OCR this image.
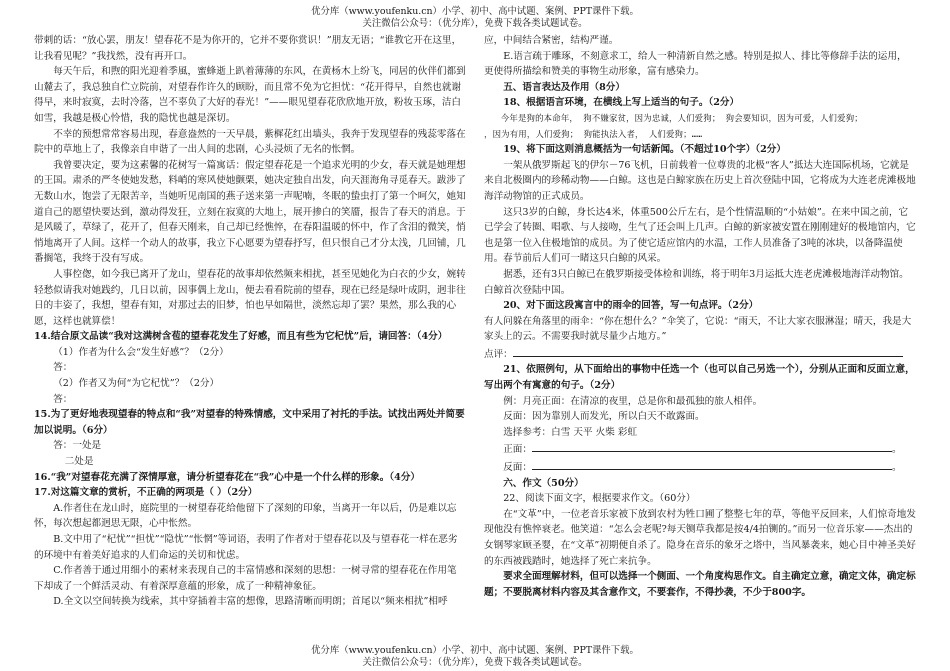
优分库（www.youfenku.cn）小学、初中、高中试题、案例、PPT课件下载。
关注微信公众号：（优分库），免费下载各类试题试卷。

带刺的话：“放心罢，朋友！望春花不是为你开的，它并不要你赏识！”朋友无语；“谁教它开在这里，让我看见呢？”我找然，没有再开口。

每天午后，和煦的阳光迎着季風，蜜蜂逝上趴着薄薄的东风，在黄杨木上纷飞，同居的伙伴们都到山麓去了，我总独自伫立院前，对望春作许久的顾盼，而且常不免为它担忧：“花开得早，自然也就谢得早，来时寂寞，去时冷落，岂不辜负了大好的春光！”——眼见望春花欣欣地开放，粉妆玉琢，洁白如雪，我越是极心怜惜，我的隐忧也越是深切。

不幸的预想常常容易出现，春意盎然的一天早晨，紫樨花红出墙头，我奔于发现望春的残蕊零落在院中的草地上了，我像亲自申谐了一出人间的悲剧，心头浸烦了无名的怅惘。

我曾要决定，要为这素馨的花树写一篇寓话：假定望春花是一个追求光明的少女，春天就是她理想的王国。肃杀的严冬使她发愁，料峭的寒风使她颤栗，她决定独自出发，向天涯海角寻觅春天。跋涉了无数山水，饱尝了无限苦辛，当她听见南国的燕子送来第一声呢喃，冬眠的蛰虫打了第一个呵欠，她知道自己的愿望快要达到，激动得发狂，立刻在寂寞的大地上，展开掺白的笑靥，报告了春天的消息。于是风暖了，草绿了，花开了，但春天刚来，自己却已经憔悴，在春阳温暖的怀中，作了含泪的微笑，悄悄地离开了人间。这样一个动人的故事，我立下心愿要为望春抒写，但只恨自己才分太浅，几回铺，几番搁笔，我终于没有写成。

人事倥偬，如今我已离开了龙山，望春花的故事却依然频来相扰，甚至见她化为白衣的少女，婉转轻愁似请我对她践约，几日以前，因事偶上龙山，便去看看院前的望春，现在已经是绿叶成阴，迥非往日的丰姿了，我想，望春有知，对那过去的旧梦，怕也早如隔世，淡然忘却了罢？果然，那么我的心愿，这样也就算偿！

14.结合原文品读“我对这满树含苞的望春花发生了好感，而且有些为它杞忧”后，请回答：（4分）

（1）作者为什么会“发生好感”？（2分）

答：

（2）作者又为何“为它杞忧”？（2分）

答：

15.为了更好地表现望春的特点和“我”对望春的特殊情感，文中采用了衬托的手法。试找出两处并简要加以说明。（6分）

答：一处是

二处是

16.“我”对望春花充满了深情厚意，请分析望春花在“我”心中是一个什么样的形象。（4分）

17.对这篇文章的赏析，不正确的两项是（ ）（2分）

A.作者住在龙山时，庭院里的一树望春花给他留下了深刻的印象，当离开一年以后，仍是难以忘怀，每次想起都迥思无限，心中怅然。

B.文中用了“杞忧”“担忧”“隐忧”“怅惘”等词语，表明了作者对于望春花以及与望春花一样在恶劣的环境中有着美好追求的人们命运的关切和忧虑。

C.作者善于通过用细小的素材来表现自己的丰富情感和深刻的思想：一树寻常的望春花在作用笔下却成了一个鲜活灵动、有着深厚意蕴的形象，成了一种精神象征。

D.全文以空间转换为线索，其中穿插着丰富的想像，思路清晰而明朗；首尾以“频来相扰”相呼

应，中间结合紧密，结构严谨。

E.语言疏于雕琢，不刻意求工，给人一种清新自然之感。特别是拟人、排比等修辞手法的运用，更使得所描绘和赞美的事物生动形象，富有感染力。

五、语言表达及作用（8分）

18、根据语言环境，在横线上写上适当的句子。（2分）

今年是狗的本命年， 狗不嫌家贫，因为忠诚，人们爱狗； 狗会要知识，因为可爱，人们爱狗；

，因为有用，人们爱狗； 狗能执法入者， 人们爱狗；……

19、将下面这则消息概括为一句话新闻。（不超过10个字）（2分）

一架从俄罗斯起飞的伊尔－76飞机，日前载着一位尊贵的北极“客人”抵达大连国际机场，它就是来自北极圈内的珍稀动物——白鲸。这也是白鲸家族在历史上首次登陆中国，它将成为大连老虎滩极地海洋动物馆的正式成员。

这只3岁的白鲸，身长达4米，体重500公斤左右，是个性情温顺的“小姑娘”。在来中国之前，它已学会了转圈、唱歌、与人接吻，生气了还会叫上几声。白鲸的新家被安置在刚刚建好的极地馆内，它也是第一位入住极地馆的成员。为了使它适应馆内的水温，工作人员准备了3吨的冰块，以备降温使用。春节前后人们可一睹这只白鲸的风采。

据悉，还有3只白鲸已在俄罗斯接受体检和训练，将于明年3月运抵大连老虎滩极地海洋动物馆。白鲸首次登陆中国。

20、对下面这段寓言中的雨伞的回答，写一句点评。（2分）

有人问躲在角落里的雨伞：“你在想什么？”伞笑了，它说：“雨天，不让大家衣服淋湿；晴天，我是大家头上的云。不需要我时就尽量少占地方。”

点评：

21、依照例句，从下面给出的事物中任选一个（也可以自己另选一个），分别从正面和反面立意，写出两个有寓意的句子。（2分）

例：月亮正面：在清凉的夜里，总是你和最孤独的旅人相伴。

反面：因为靠别人而发光，所以白天不敢露面。

选择参考：白雪 天平 火柴 彩虹

正面：	。

反面：	。

六、作文（50分）

22、阅读下面文字，根据要求作文。（60分）

在“文革”中，一位老音乐家被下放到农村为牲口圃了整整七年的草，等他平反回来，人们惊奇地发现他没有憔悴衰老。他笑道：“怎么会老呢?每天铡草我都是按4/4拍铡的。”而另一位音乐家——杰出的女钢琴家顾圣婴，在“文革”初期便自杀了。隐身在音乐的象牙之塔中，当风暴袭来，她心目中神圣美好的东西被践踏时，她选择了死亡来抗争。

要求全面理解材料，但可以选择一个侧面、一个角度构思作文。自主确定立意，确定文体，确定标题；不要脱离材料内容及其含意作文，不要套作，不得抄袭，不少于800字。

优分库（www.youfenku.cn）小学、初中、高中试题、案例、PPT课件下载。
关注微信公众号：（优分库），免费下载各类试题试卷。
